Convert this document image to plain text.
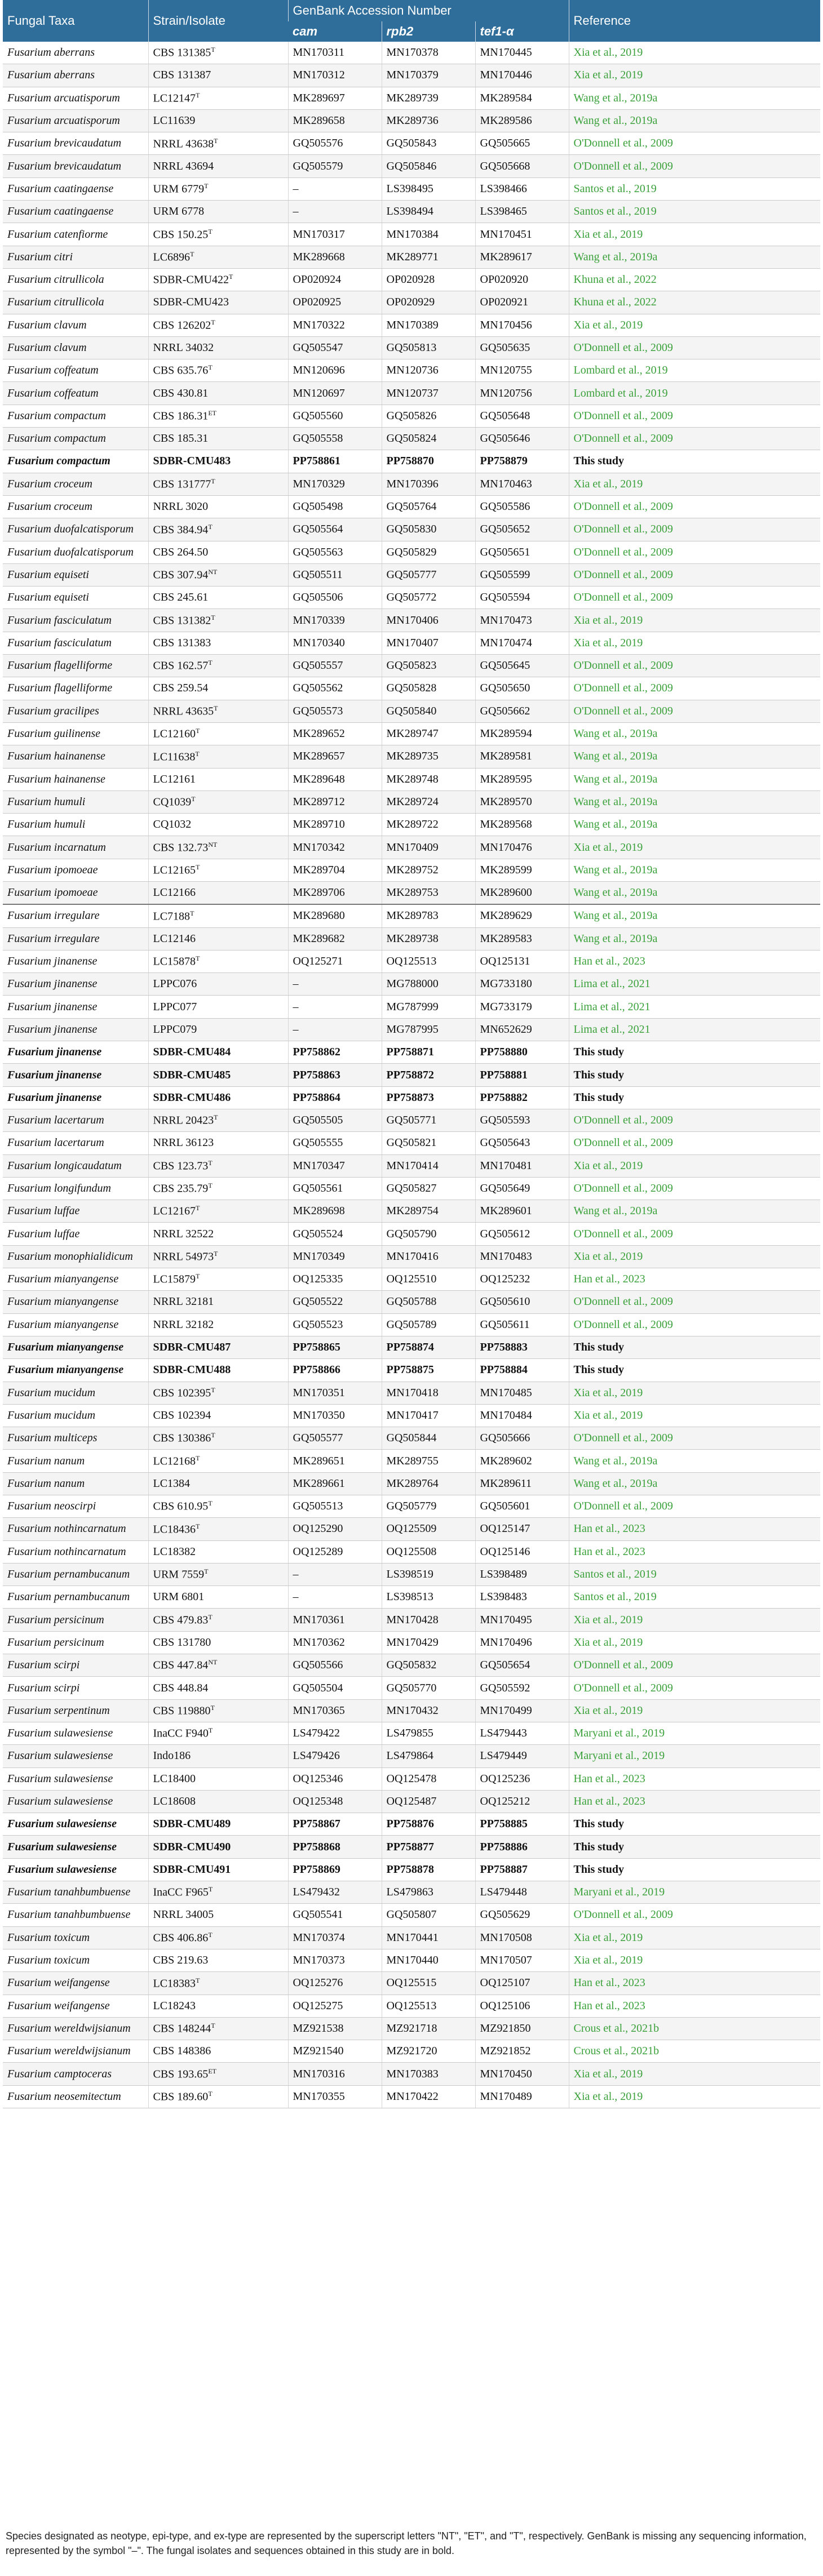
Fungal Taxa	Strain/Isolate	GenBank Accession Number			Reference
		cam	rpb2	tef1-α	
Fusarium aberrans	CBS $131385^T$	MN170311	MN170378	MN170445	Xia et al., 2019
Fusarium aberrans	CBS 131387	MN170312	MN170379	MN170446	Xia et al., 2019
Fusarium arcuatisporum	$LC12147^T$	MK289697	MK289739	MK289584	Wang et al., 2019a
Fusarium arcuatisporum	LC11639	MK289658	MK289736	MK289586	Wang et al., 2019a
Fusarium brevicaudatum	NRRL $43638^T$	GQ505576	GQ505843	GQ505665	O'Donnell et al., 2009
Fusarium brevicaudatum	NRRL 43694	GQ505579	GQ505846	GQ505668	O'Donnell et al., 2009
Fusarium caatingaense	URM $6779^T$	–	LS398495	LS398466	Santos et al., 2019
Fusarium caatingaense	URM 6778	–	LS398494	LS398465	Santos et al., 2019
Fusarium catenfiorme	CBS $150.25^T$	MN170317	MN170384	MN170451	Xia et al., 2019
Fusarium citri	$LC6896^T$	MK289668	MK289771	MK289617	Wang et al., 2019a
Fusarium citrullicola	SDBR-$CMU422^T$	OP020924	OP020928	OP020920	Khuna et al., 2022
Fusarium citrullicola	SDBR-CMU423	OP020925	OP020929	OP020921	Khuna et al., 2022
Fusarium clavum	CBS $126202^T$	MN170322	MN170389	MN170456	Xia et al., 2019
Fusarium clavum	NRRL 34032	GQ505547	GQ505813	GQ505635	O'Donnell et al., 2009
Fusarium coffeatum	CBS $635.76^T$	MN120696	MN120736	MN120755	Lombard et al., 2019
Fusarium coffeatum	CBS 430.81	MN120697	MN120737	MN120756	Lombard et al., 2019
Fusarium compactum	CBS $186.31^{ET}$	GQ505560	GQ505826	GQ505648	O'Donnell et al., 2009
Fusarium compactum	CBS 185.31	GQ505558	GQ505824	GQ505646	O'Donnell et al., 2009
Fusarium compactum	SDBR-CMU483	PP758861	PP758870	PP758879	This study
Fusarium croceum	CBS $131777^T$	MN170329	MN170396	MN170463	Xia et al., 2019
Fusarium croceum	NRRL 3020	GQ505498	GQ505764	GQ505586	O'Donnell et al., 2009
Fusarium duofalcatisporum	CBS $384.94^T$	GQ505564	GQ505830	GQ505652	O'Donnell et al., 2009
Fusarium duofalcatisporum	CBS 264.50	GQ505563	GQ505829	GQ505651	O'Donnell et al., 2009
Fusarium equiseti	CBS $307.94^{NT}$	GQ505511	GQ505777	GQ505599	O'Donnell et al., 2009
Fusarium equiseti	CBS 245.61	GQ505506	GQ505772	GQ505594	O'Donnell et al., 2009
Fusarium fasciculatum	CBS $131382^T$	MN170339	MN170406	MN170473	Xia et al., 2019
Fusarium fasciculatum	CBS 131383	MN170340	MN170407	MN170474	Xia et al., 2019
Fusarium flagelliforme	CBS $162.57^T$	GQ505557	GQ505823	GQ505645	O'Donnell et al., 2009
Fusarium flagelliforme	CBS 259.54	GQ505562	GQ505828	GQ505650	O'Donnell et al., 2009
Fusarium gracilipes	NRRL $43635^T$	GQ505573	GQ505840	GQ505662	O'Donnell et al., 2009
Fusarium guilinense	$LC12160^T$	MK289652	MK289747	MK289594	Wang et al., 2019a
Fusarium hainanense	$LC11638^T$	MK289657	MK289735	MK289581	Wang et al., 2019a
Fusarium hainanense	LC12161	MK289648	MK289748	MK289595	Wang et al., 2019a
Fusarium humuli	$CQ1039^T$	MK289712	MK289724	MK289570	Wang et al., 2019a
Fusarium humuli	CQ1032	MK289710	MK289722	MK289568	Wang et al., 2019a
Fusarium incarnatum	CBS $132.73^{NT}$	MN170342	MN170409	MN170476	Xia et al., 2019
Fusarium ipomoeae	$LC12165^T$	MK289704	MK289752	MK289599	Wang et al., 2019a
Fusarium ipomoeae	LC12166	MK289706	MK289753	MK289600	Wang et al., 2019a
Fusarium irregulare	$LC7188^T$	MK289680	MK289783	MK289629	Wang et al., 2019a
Fusarium irregulare	LC12146	MK289682	MK289738	MK289583	Wang et al., 2019a
Fusarium jinanense	$LC15878^T$	OQ125271	OQ125513	OQ125131	Han et al., 2023
Fusarium jinanense	LPPC076	–	MG788000	MG733180	Lima et al., 2021
Fusarium jinanense	LPPC077	–	MG787999	MG733179	Lima et al., 2021
Fusarium jinanense	LPPC079	–	MG787995	MN652629	Lima et al., 2021
Fusarium jinanense	SDBR-CMU484	PP758862	PP758871	PP758880	This study
Fusarium jinanense	SDBR-CMU485	PP758863	PP758872	PP758881	This study
Fusarium jinanense	SDBR-CMU486	PP758864	PP758873	PP758882	This study
Fusarium lacertarum	NRRL $20423^T$	GQ505505	GQ505771	GQ505593	O'Donnell et al., 2009
Fusarium lacertarum	NRRL 36123	GQ505555	GQ505821	GQ505643	O'Donnell et al., 2009
Fusarium longicaudatum	CBS $123.73^T$	MN170347	MN170414	MN170481	Xia et al., 2019
Fusarium longifundum	CBS $235.79^T$	GQ505561	GQ505827	GQ505649	O'Donnell et al., 2009
Fusarium luffae	$LC12167^T$	MK289698	MK289754	MK289601	Wang et al., 2019a
Fusarium luffae	NRRL 32522	GQ505524	GQ505790	GQ505612	O'Donnell et al., 2009
Fusarium monophialidicum	NRRL $54973^T$	MN170349	MN170416	MN170483	Xia et al., 2019
Fusarium mianyangense	$LC15879^T$	OQ125335	OQ125510	OQ125232	Han et al., 2023
Fusarium mianyangense	NRRL 32181	GQ505522	GQ505788	GQ505610	O'Donnell et al., 2009
Fusarium mianyangense	NRRL 32182	GQ505523	GQ505789	GQ505611	O'Donnell et al., 2009
Fusarium mianyangense	SDBR-CMU487	PP758865	PP758874	PP758883	This study
Fusarium mianyangense	SDBR-CMU488	PP758866	PP758875	PP758884	This study
Fusarium mucidum	CBS $102395^T$	MN170351	MN170418	MN170485	Xia et al., 2019
Fusarium mucidum	CBS 102394	MN170350	MN170417	MN170484	Xia et al., 2019
Fusarium multiceps	CBS $130386^T$	GQ505577	GQ505844	GQ505666	O'Donnell et al., 2009
Fusarium nanum	$LC12168^T$	MK289651	MK289755	MK289602	Wang et al., 2019a
Fusarium nanum	LC1384	MK289661	MK289764	MK289611	Wang et al., 2019a
Fusarium neoscirpi	CBS $610.95^T$	GQ505513	GQ505779	GQ505601	O'Donnell et al., 2009
Fusarium nothincarnatum	$LC18436^T$	OQ125290	OQ125509	OQ125147	Han et al., 2023
Fusarium nothincarnatum	LC18382	OQ125289	OQ125508	OQ125146	Han et al., 2023
Fusarium pernambucanum	URM $7559^T$	–	LS398519	LS398489	Santos et al., 2019
Fusarium pernambucanum	URM 6801	–	LS398513	LS398483	Santos et al., 2019
Fusarium persicinum	CBS $479.83^T$	MN170361	MN170428	MN170495	Xia et al., 2019
Fusarium persicinum	CBS 131780	MN170362	MN170429	MN170496	Xia et al., 2019
Fusarium scirpi	CBS $447.84^{NT}$	GQ505566	GQ505832	GQ505654	O'Donnell et al., 2009
Fusarium scirpi	CBS 448.84	GQ505504	GQ505770	GQ505592	O'Donnell et al., 2009
Fusarium serpentinum	CBS $119880^T$	MN170365	MN170432	MN170499	Xia et al., 2019
Fusarium sulawesiense	InaCC $F940^T$	LS479422	LS479855	LS479443	Maryani et al., 2019
Fusarium sulawesiense	Indo186	LS479426	LS479864	LS479449	Maryani et al., 2019
Fusarium sulawesiense	LC18400	OQ125346	OQ125478	OQ125236	Han et al., 2023
Fusarium sulawesiense	LC18608	OQ125348	OQ125487	OQ125212	Han et al., 2023
Fusarium sulawesiense	SDBR-CMU489	PP758867	PP758876	PP758885	This study
Fusarium sulawesiense	SDBR-CMU490	PP758868	PP758877	PP758886	This study
Fusarium sulawesiense	SDBR-CMU491	PP758869	PP758878	PP758887	This study
Fusarium tanahbumbuense	InaCC $F965^T$	LS479432	LS479863	LS479448	Maryani et al., 2019
Fusarium tanahbumbuense	NRRL 34005	GQ505541	GQ505807	GQ505629	O'Donnell et al., 2009
Fusarium toxicum	CBS $406.86^T$	MN170374	MN170441	MN170508	Xia et al., 2019
Fusarium toxicum	CBS 219.63	MN170373	MN170440	MN170507	Xia et al., 2019
Fusarium weifangense	$LC18383^T$	OQ125276	OQ125515	OQ125107	Han et al., 2023
Fusarium weifangense	LC18243	OQ125275	OQ125513	OQ125106	Han et al., 2023
Fusarium wereldwijsianum	CBS $148244^T$	MZ921538	MZ921718	MZ921850	Crous et al., 2021b
Fusarium wereldwijsianum	CBS 148386	MZ921540	MZ921720	MZ921852	Crous et al., 2021b
Fusarium camptoceras	CBS $193.65^{ET}$	MN170316	MN170383	MN170450	Xia et al., 2019
Fusarium neosemitectum	CBS $189.60^T$	MN170355	MN170422	MN170489	Xia et al., 2019
Species designated as neotype, epi-type, and ex-type are represented by the superscript letters "NT", "ET", and "T", respectively. GenBank is missing any sequencing information, represented by the symbol "–". The fungal isolates and sequences obtained in this study are in bold.
